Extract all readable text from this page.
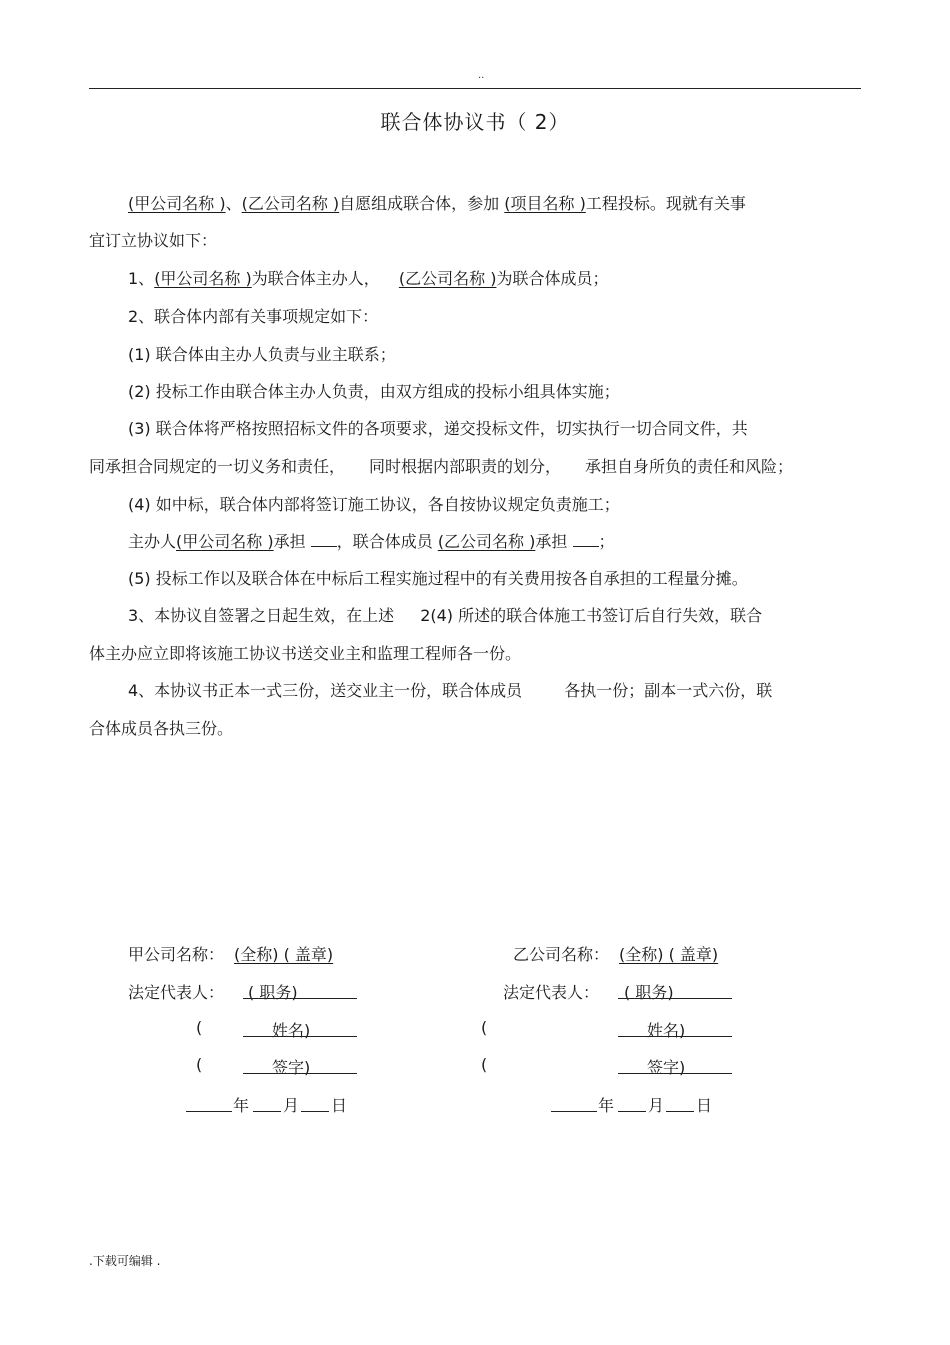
..
联合体协议书（ 2）
(甲公司名称 )、(乙公司名称 )自愿组成联合体，参加 (项目名称 )工程投标。现就有关事
宜订立协议如下：
1、(甲公司名称 )为联合体主办人， (乙公司名称 )为联合体成员；
2、联合体内部有关事项规定如下：
(1) 联合体由主办人负责与业主联系；
(2) 投标工作由联合体主办人负责，由双方组成的投标小组具体实施；
(3) 联合体将严格按照招标文件的各项要求，递交投标文件，切实执行一切合同文件，共
同承担合同规定的一切义务和责任， 同时根据内部职责的划分， 承担自身所负的责任和风险；
(4) 如中标，联合体内部将签订施工协议，各自按协议规定负责施工；
主办人(甲公司名称 )承担 ，联合体成员 (乙公司名称 )承担 ；
(5) 投标工作以及联合体在中标后工程实施过程中的有关费用按各自承担的工程量分摊。
3、本协议自签署之日起生效，在上述 2(4) 所述的联合体施工书签订后自行失效，联合
体主办应立即将该施工协议书送交业主和监理工程师各一份。
4、本协议书正本一式三份，送交业主一份，联合体成员	各执一份；副本一式六份，联
合体成员各执三份。
甲公司名称： (全称) ( 盖章)
法定代表人： ( 职务)
(	姓名)
(	签字)
年 月 日
乙公司名称： (全称) ( 盖章)
法定代表人： ( 职务)
(	姓名)
(	签字)
年 月 日
.下载可编辑 .
